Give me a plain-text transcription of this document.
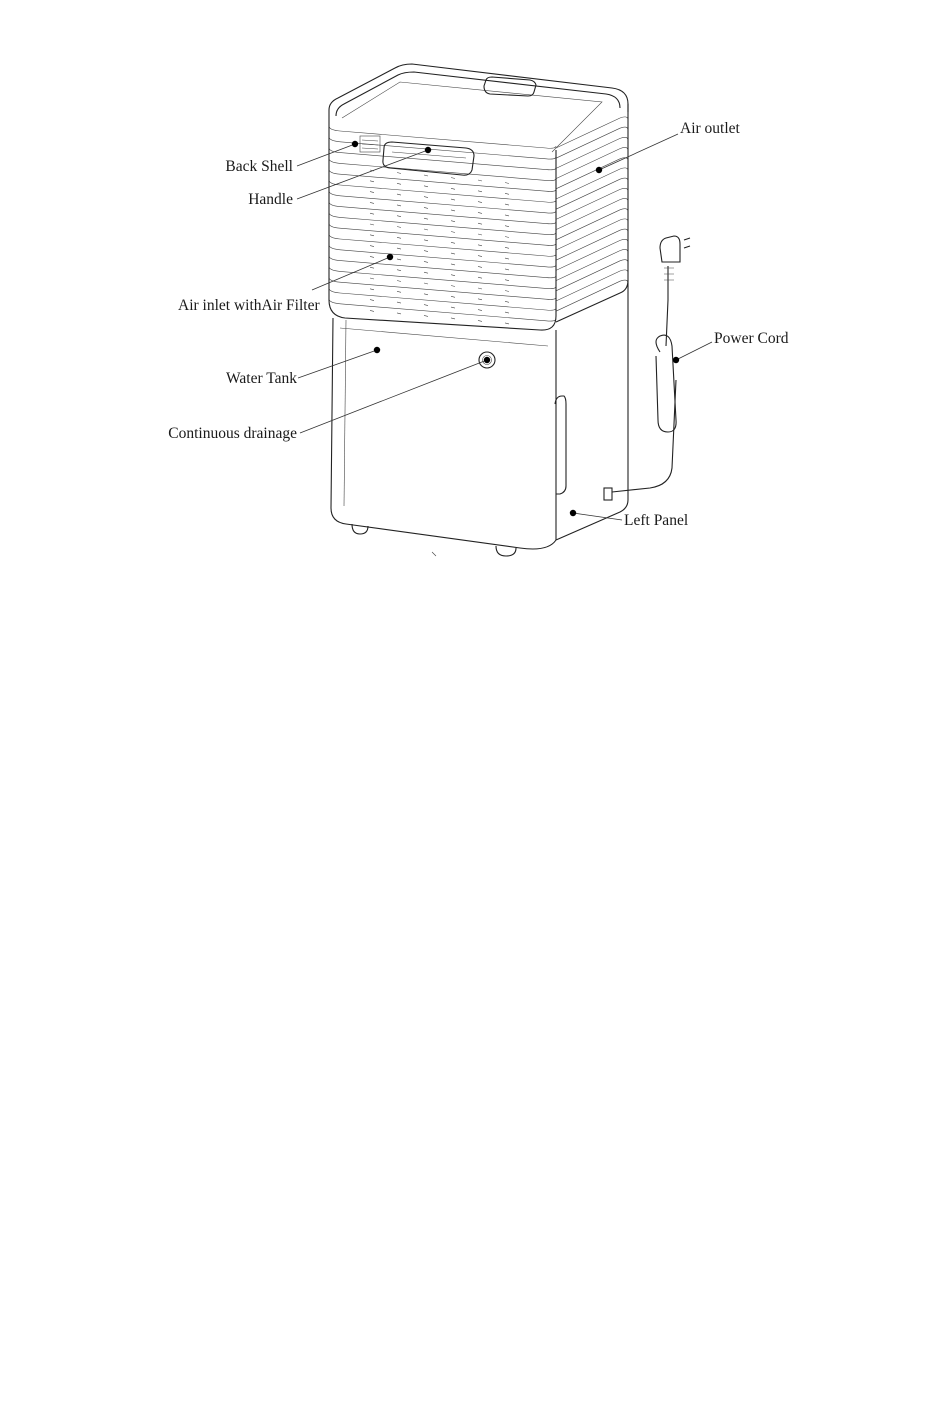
Back Shell
Handle
Air inlet withAir Filter
Water Tank
Continuous drainage
Air outlet
Power Cord
Left Panel
